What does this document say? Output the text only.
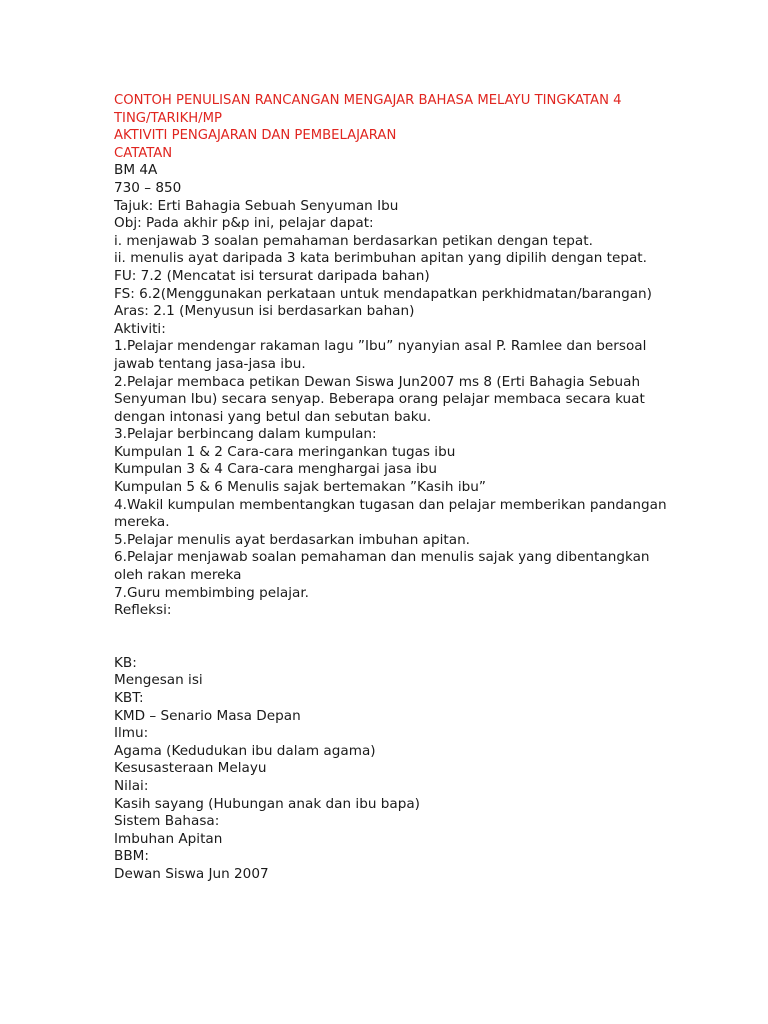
CONTOH PENULISAN RANCANGAN MENGAJAR BAHASA MELAYU TINGKATAN 4
TING/TARIKH/MP
AKTIVITI PENGAJARAN DAN PEMBELAJARAN
CATATAN
BM 4A
730 – 850
Tajuk: Erti Bahagia Sebuah Senyuman Ibu
Obj: Pada akhir p&p ini, pelajar dapat:
i. menjawab 3 soalan pemahaman berdasarkan petikan dengan tepat.
ii. menulis ayat daripada 3 kata berimbuhan apitan yang dipilih dengan tepat.
FU: 7.2 (Mencatat isi tersurat daripada bahan)
FS: 6.2(Menggunakan perkataan untuk mendapatkan perkhidmatan/barangan)
Aras: 2.1 (Menyusun isi berdasarkan bahan)
Aktiviti:
1.Pelajar mendengar rakaman lagu ”Ibu” nyanyian asal P. Ramlee dan bersoal
jawab tentang jasa-jasa ibu.
2.Pelajar membaca petikan Dewan Siswa Jun2007 ms 8 (Erti Bahagia Sebuah
Senyuman Ibu) secara senyap. Beberapa orang pelajar membaca secara kuat
dengan intonasi yang betul dan sebutan baku.
3.Pelajar berbincang dalam kumpulan:
Kumpulan 1 & 2 Cara-cara meringankan tugas ibu
Kumpulan 3 & 4 Cara-cara menghargai jasa ibu
Kumpulan 5 & 6 Menulis sajak bertemakan ”Kasih ibu”
4.Wakil kumpulan membentangkan tugasan dan pelajar memberikan pandangan
mereka.
5.Pelajar menulis ayat berdasarkan imbuhan apitan.
6.Pelajar menjawab soalan pemahaman dan menulis sajak yang dibentangkan
oleh rakan mereka
7.Guru membimbing pelajar.
Refleksi:
KB:
Mengesan isi
KBT:
KMD – Senario Masa Depan
Ilmu:
Agama (Kedudukan ibu dalam agama)
Kesusasteraan Melayu
Nilai:
Kasih sayang (Hubungan anak dan ibu bapa)
Sistem Bahasa:
Imbuhan Apitan
BBM:
Dewan Siswa Jun 2007
